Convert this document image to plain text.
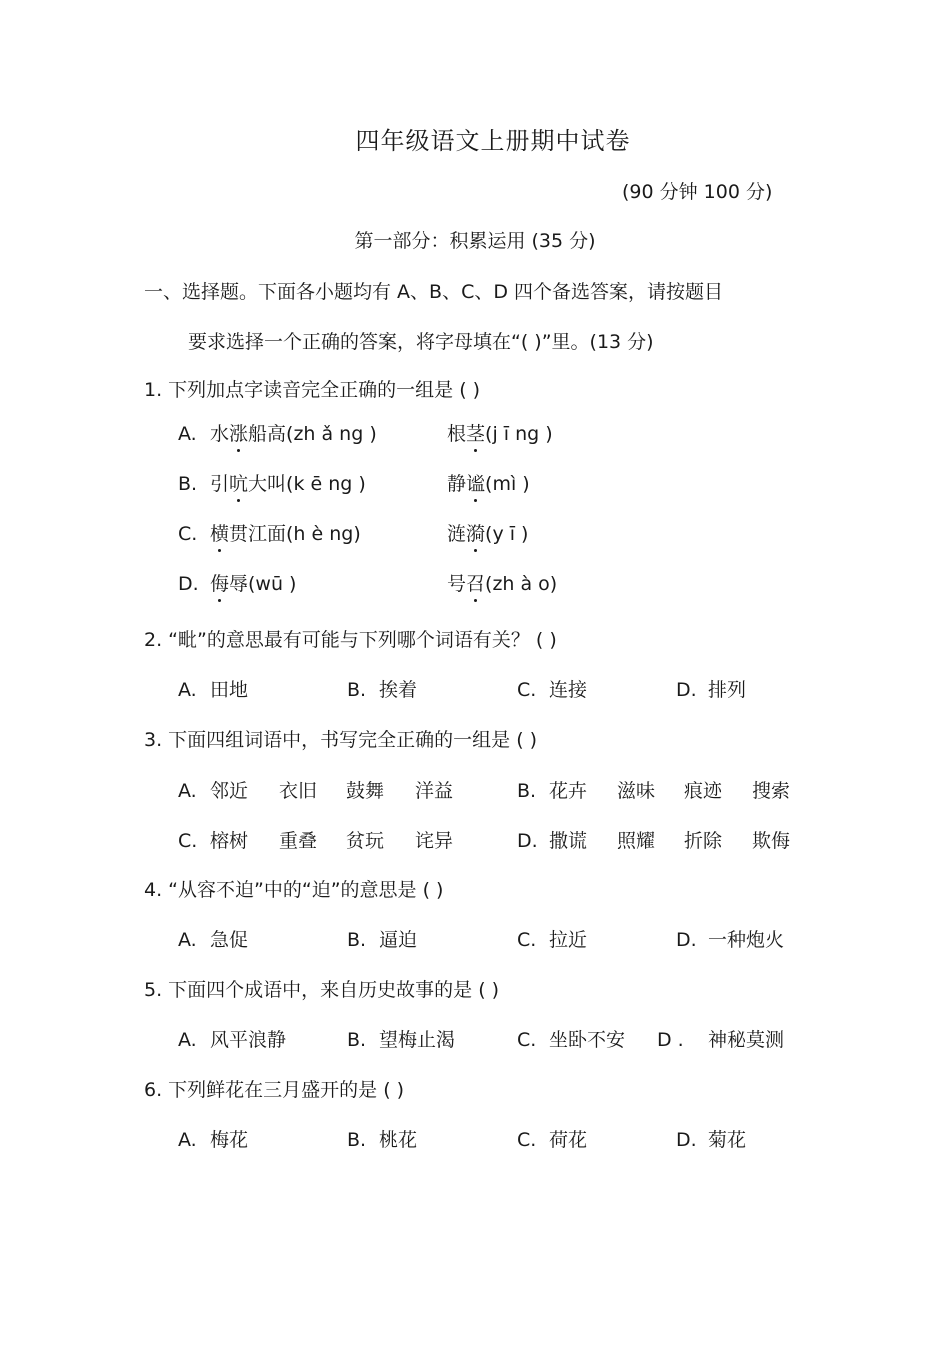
四年级语文上册期中试卷
(90 分钟 100 分)
第一部分：积累运用 (35 分)
一、选择题。下面各小题均有 A、B、C、D 四个备选答案，请按题目
要求选择一个正确的答案，将字母填在“( )”里。(13 分)
1. 下列加点字读音完全正确的一组是 ( )
A. 水涨船高(zh ǎ ng )	根茎(j ī ng )
B. 引吭大叫(k ē ng )	静谧(mì )
C. 横贯江面(h è ng)	涟漪(y ī )
D. 侮辱(wū )	号召(zh à o)
2. “毗”的意思最有可能与下列哪个词语有关？ ( )
A. 田地	B. 挨着	C. 连接	D. 排列
3. 下面四组词语中，书写完全正确的一组是 ( )
A. 邻近 衣旧 鼓舞 洋益	B. 花卉 滋味 痕迹 搜索
C. 榕树 重叠 贫玩 诧异	D. 撒谎 照耀 折除 欺侮
4. “从容不迫”中的“迫”的意思是 ( )
A. 急促	B. 逼迫	C. 拉近	D. 一种炮火
5. 下面四个成语中，来自历史故事的是 ( )
A. 风平浪静	B. 望梅止渴	C. 坐卧不安 D . 神秘莫测
6. 下列鲜花在三月盛开的是 ( )
A. 梅花	B. 桃花	C. 荷花	D. 菊花
